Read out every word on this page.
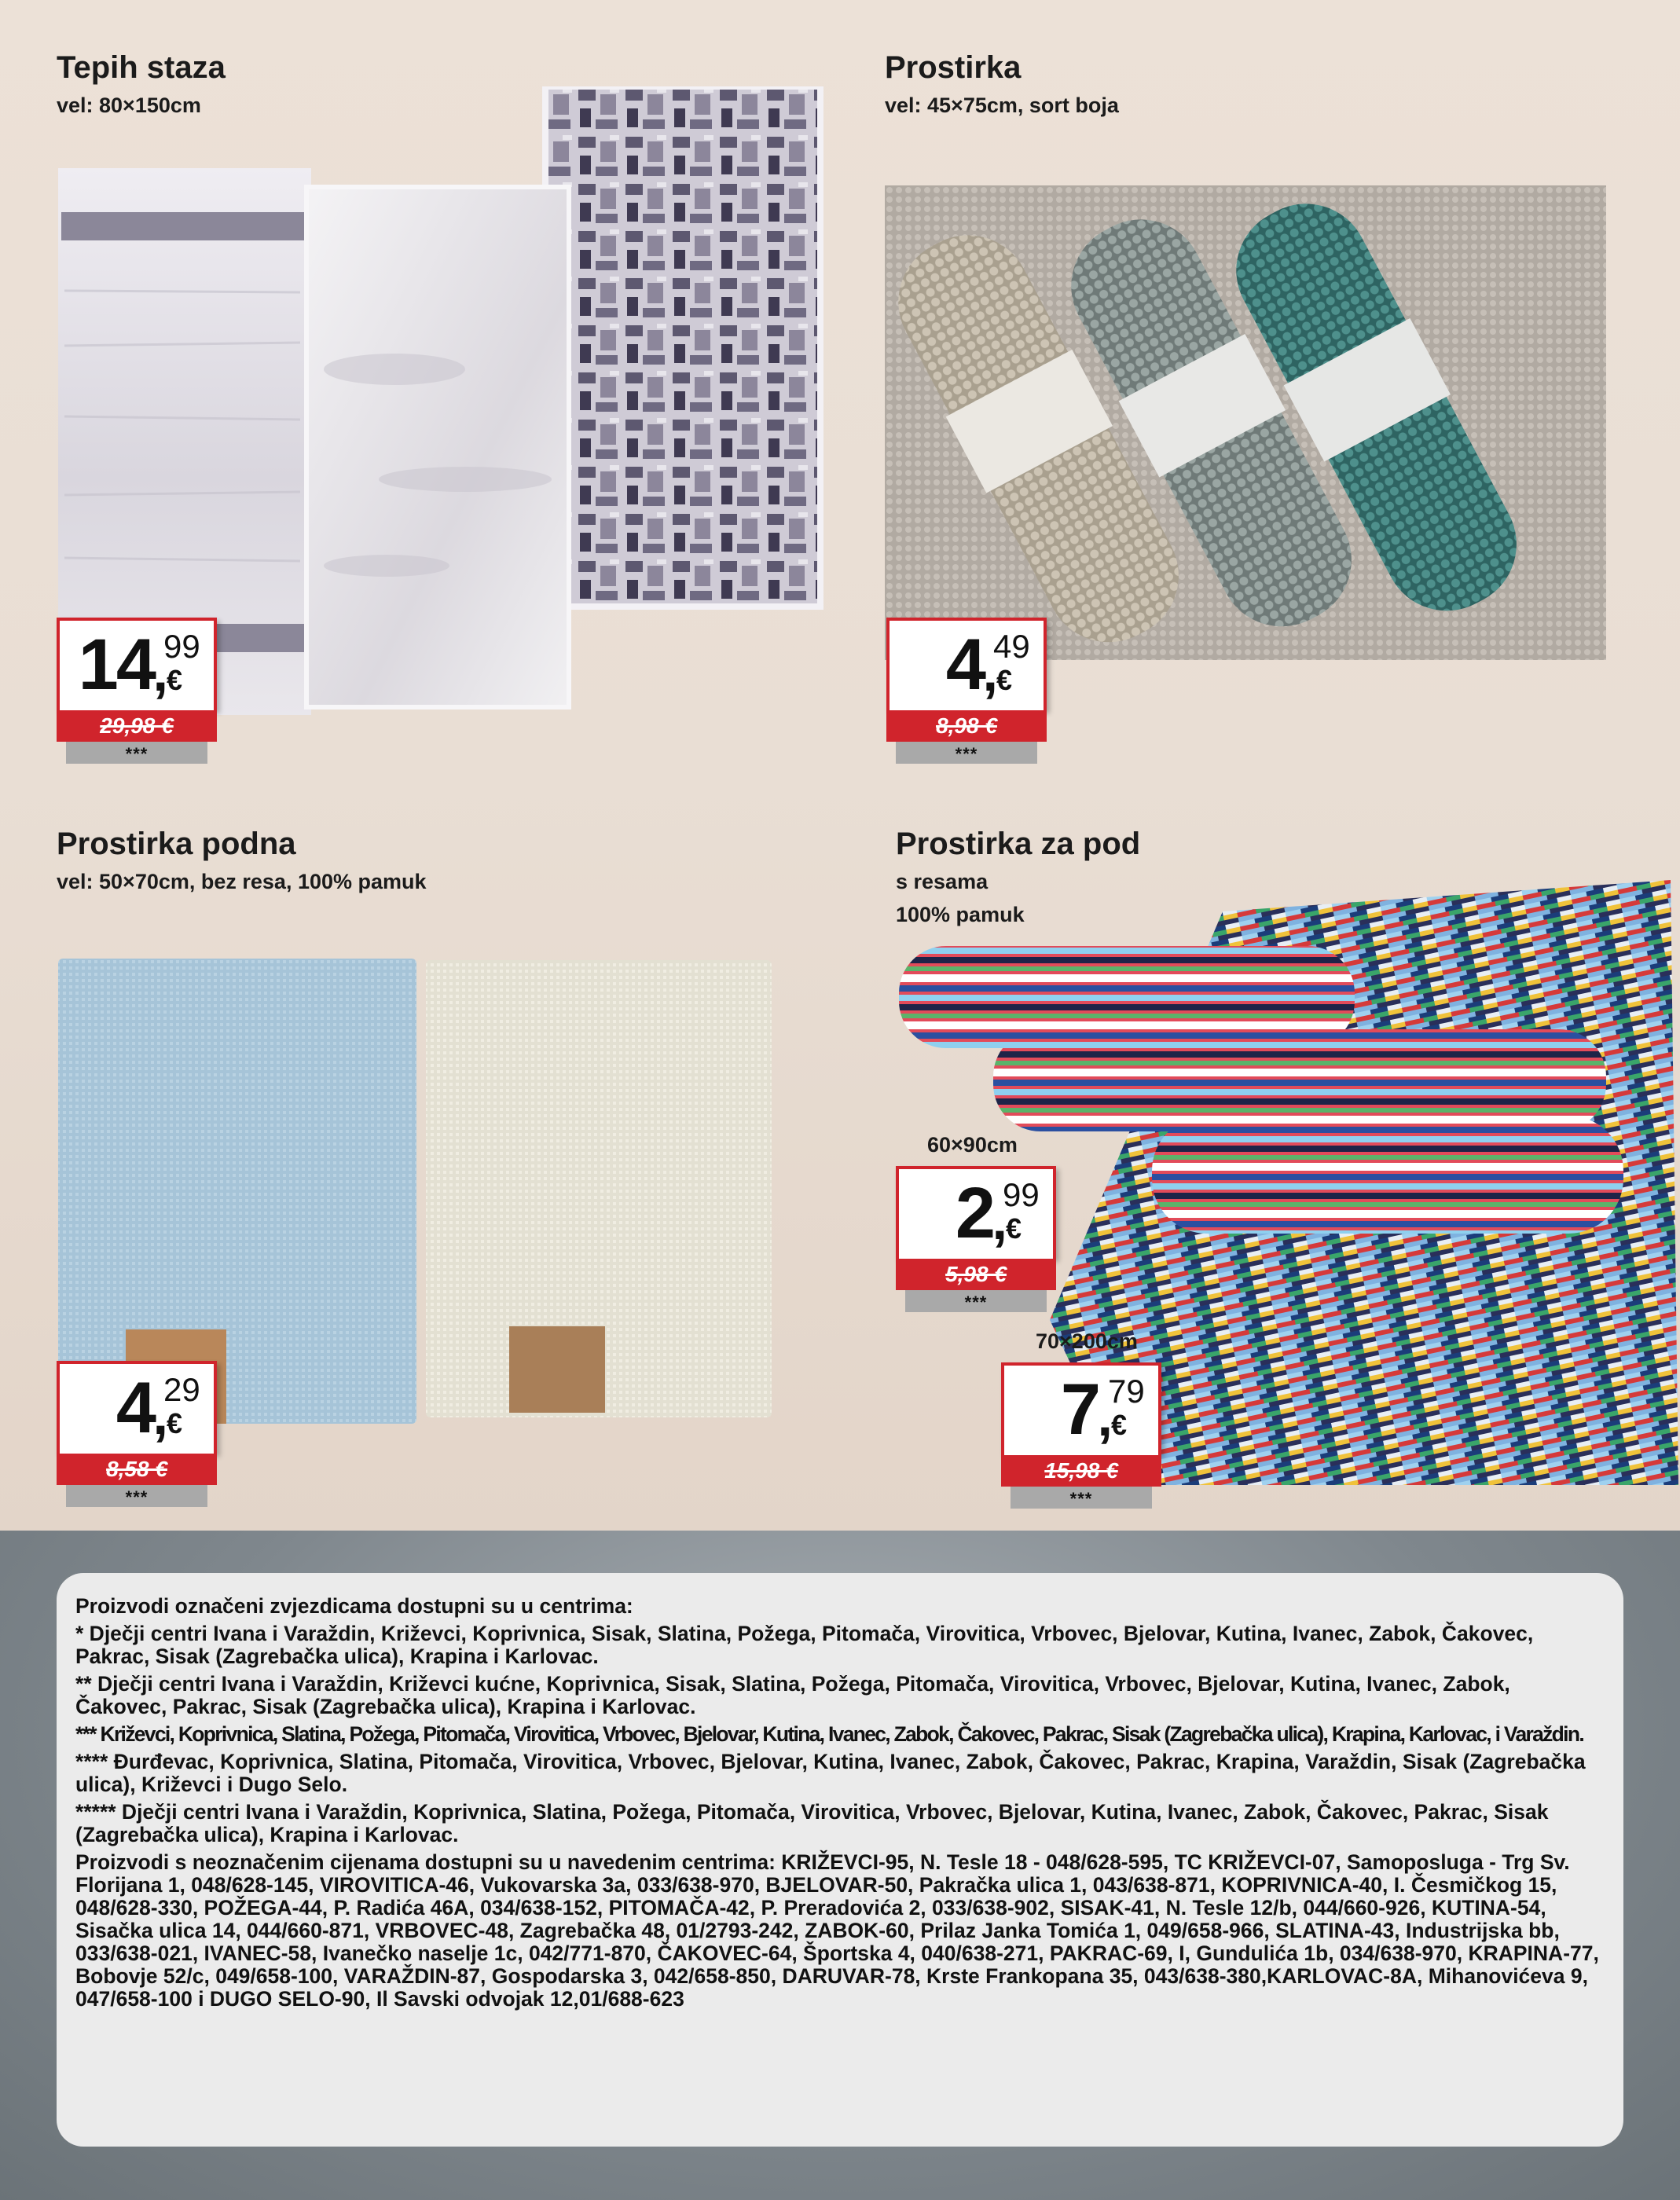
Tepih staza
vel: 80×150cm
14
,
99
€
29,98 €
***
Prostirka
vel: 45×75cm, sort boja
4
,
49
€
8,98 €
***
Prostirka podna
vel: 50×70cm, bez resa, 100% pamuk
4
,
29
€
8,58 €
***
Prostirka za pod
s resama
100% pamuk
60×90cm
2
,
99
€
5,98 €
***
70×200cm
7
,
79
€
15,98 €
***

Proizvodi označeni zvjezdicama dostupni su u centrima:

* Dječji centri Ivana i Varaždin, Križevci, Koprivnica, Sisak, Slatina, Požega, Pitomača, Virovitica, Vrbovec, Bjelovar, Kutina, Ivanec, Zabok, Čakovec, Pakrac, Sisak (Zagrebačka ulica), Krapina i Karlovac.

** Dječji centri Ivana i Varaždin, Križevci kućne, Koprivnica, Sisak, Slatina, Požega, Pitomača, Virovitica, Vrbovec, Bjelovar, Kutina, Ivanec, Zabok, Čakovec, Pakrac, Sisak (Zagrebačka ulica), Krapina i Karlovac.

*** Križevci, Koprivnica, Slatina, Požega, Pitomača, Virovitica, Vrbovec, Bjelovar, Kutina, Ivanec, Zabok, Čakovec, Pakrac, Sisak (Zagrebačka ulica), Krapina, Karlovac, i Varaždin.

**** Đurđevac, Koprivnica, Slatina, Pitomača, Virovitica, Vrbovec, Bjelovar, Kutina, Ivanec, Zabok, Čakovec, Pakrac, Krapina, Varaždin, Sisak (Zagrebačka ulica), Križevci i Dugo Selo.

***** Dječji centri Ivana i Varaždin, Koprivnica, Slatina, Požega, Pitomača, Virovitica, Vrbovec, Bjelovar, Kutina, Ivanec, Zabok, Čakovec, Pakrac, Sisak (Zagrebačka ulica), Krapina i Karlovac.

Proizvodi s neoznačenim cijenama dostupni su u navedenim centrima: KRIŽEVCI-95, N. Tesle 18 - 048/628-595, TC KRIŽEVCI-07, Samoposluga - Trg Sv. Florijana 1, 048/628-145, VIROVITICA-46, Vukovarska 3a, 033/638-970, BJELOVAR-50, Pakračka ulica 1, 043/638-871, KOPRIVNICA-40, I. Česmičkog 15, 048/628-330, POŽEGA-44, P. Radića 46A, 034/638-152, PITOMAČA-42, P. Preradovića 2, 033/638-902, SISAK-41, N. Tesle 12/b, 044/660-926, KUTINA-54, Sisačka ulica 14, 044/660-871, VRBOVEC-48, Zagrebačka 48, 01/2793-242, ZABOK-60, Prilaz Janka Tomića 1, 049/658-966, SLATINA-43, Industrijska bb, 033/638-021, IVANEC-58, Ivanečko naselje 1c, 042/771-870, ČAKOVEC-64, Športska 4, 040/638-271, PAKRAC-69, I, Gundulića 1b, 034/638-970, KRAPINA-77, Bobovje 52/c, 049/658-100, VARAŽDIN-87, Gospodarska 3, 042/658-850, DARUVAR-78, Krste Frankopana 35, 043/638-380,KARLOVAC-8A, Mihanovićeva 9, 047/658-100 i DUGO SELO-90, Il Savski odvojak 12,01/688-623
